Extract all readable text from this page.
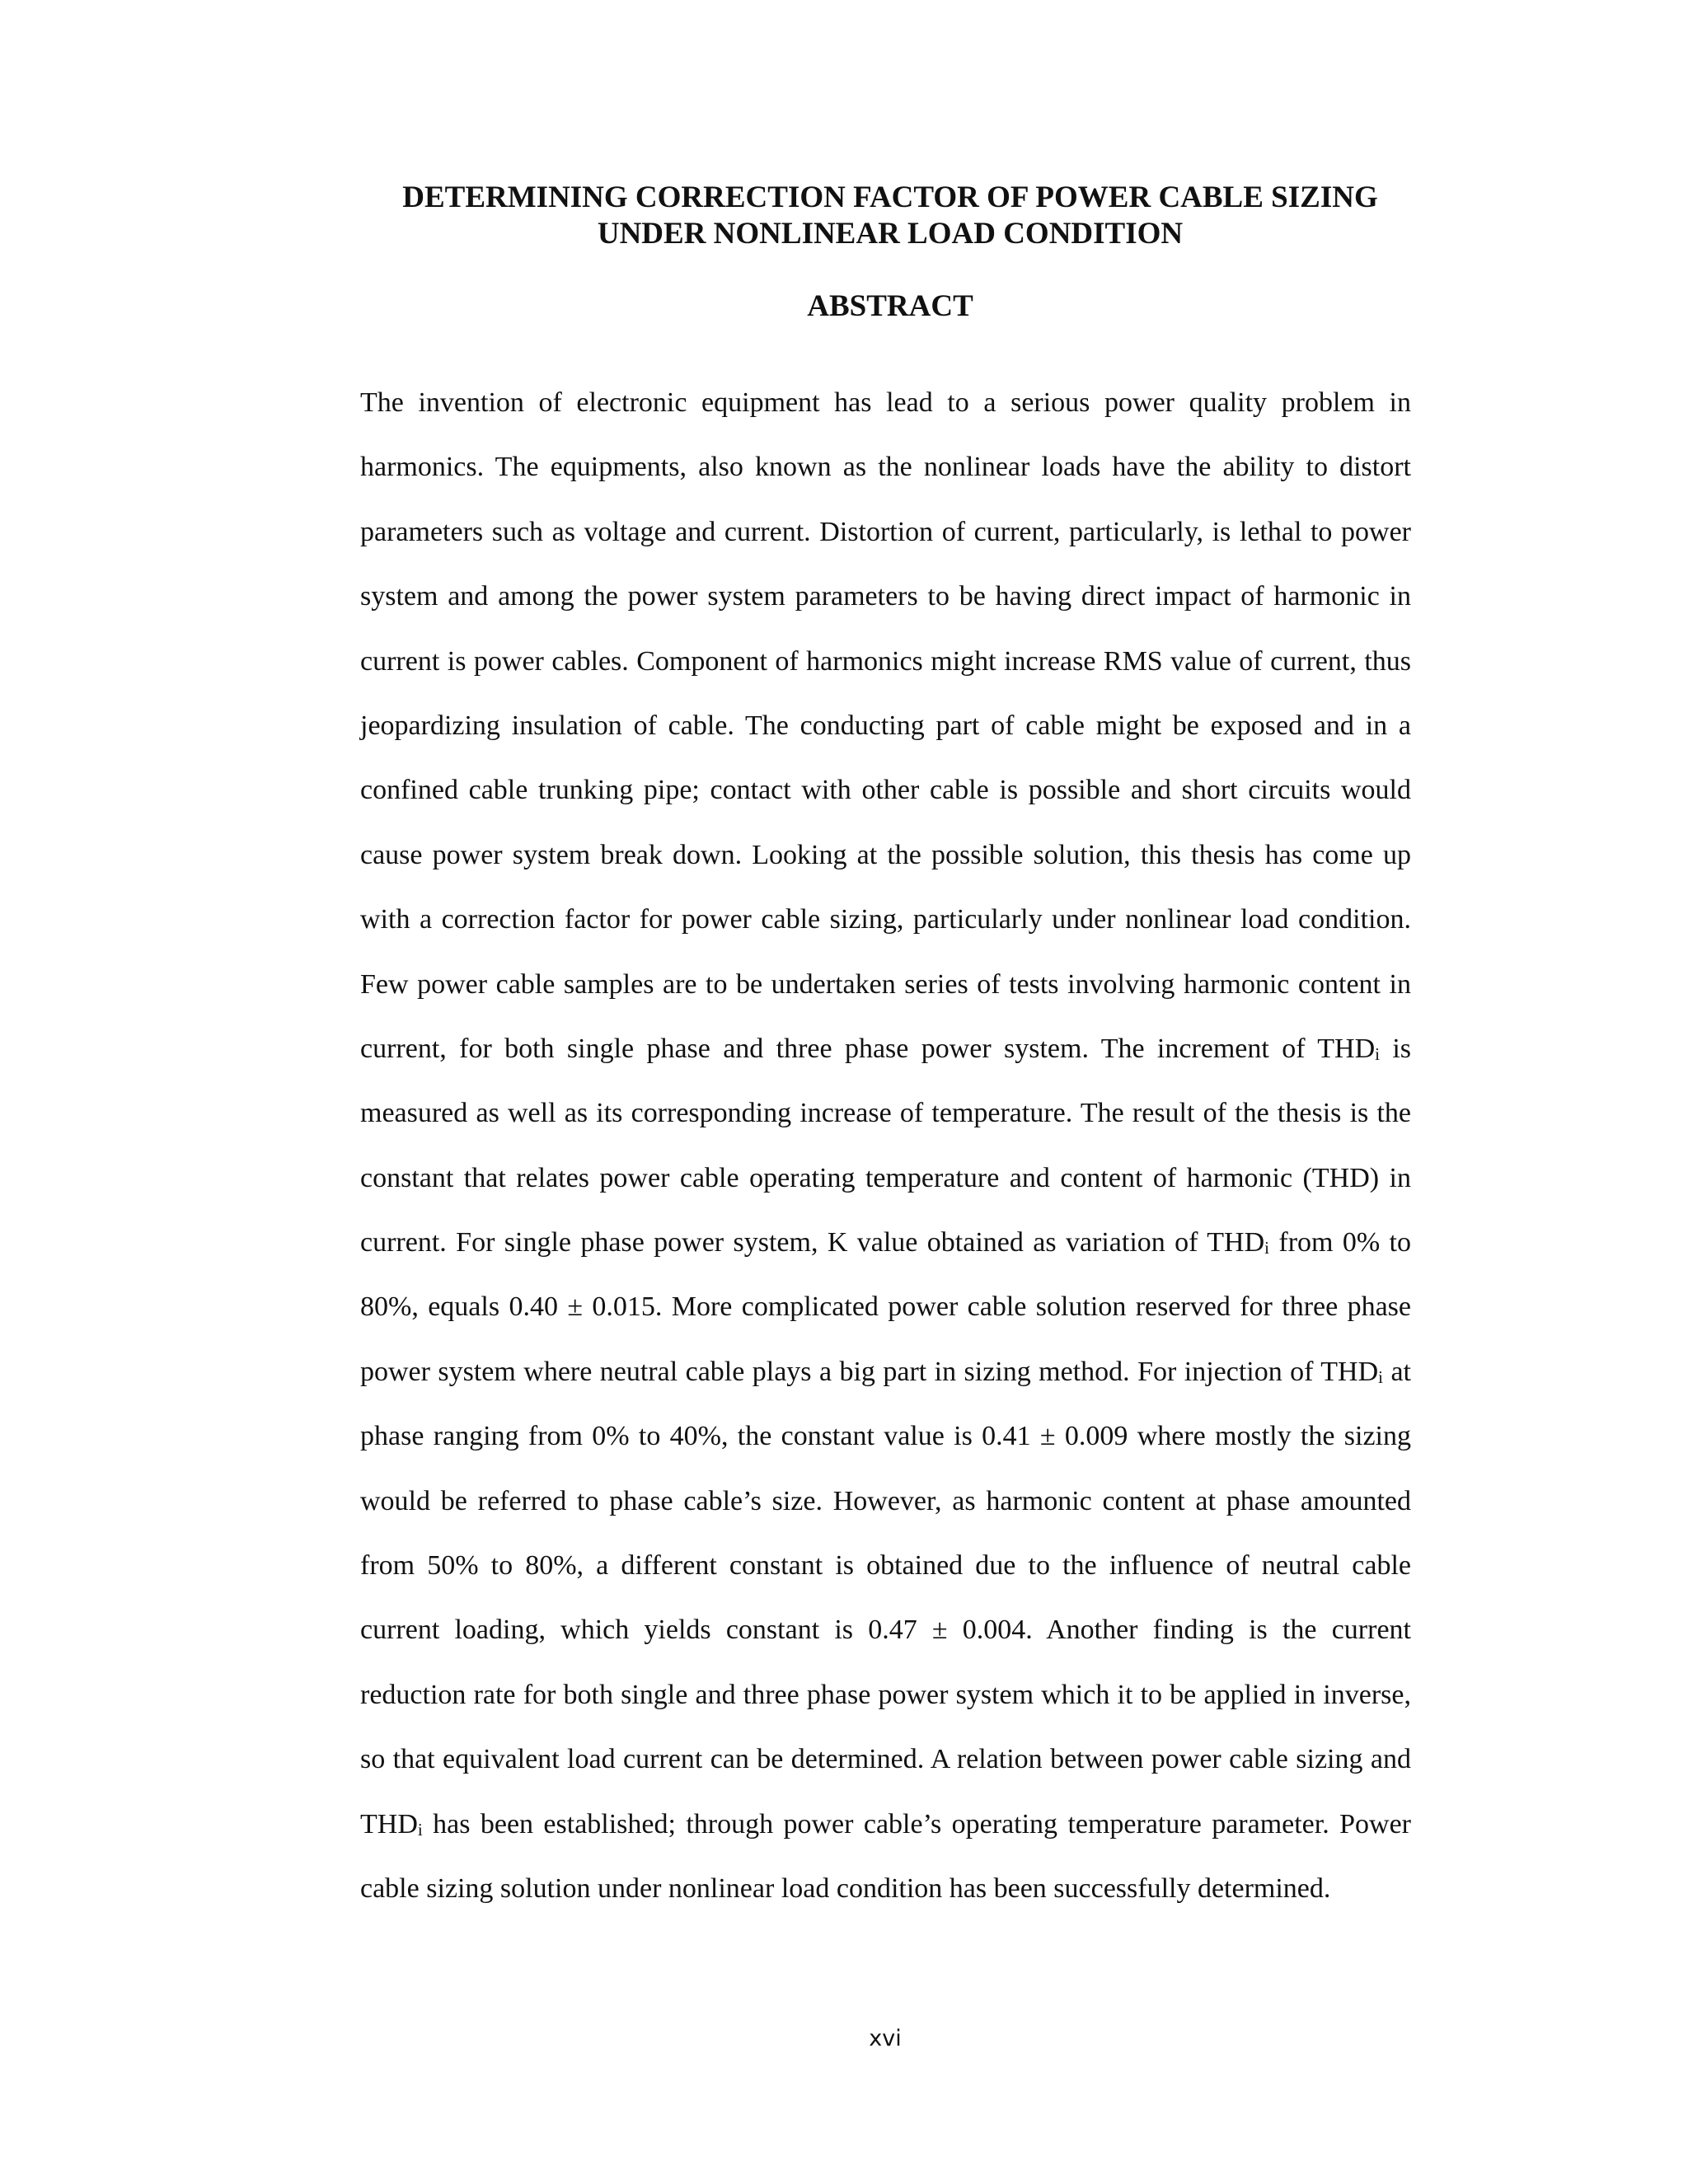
DETERMINING CORRECTION FACTOR OF POWER CABLE SIZING
UNDER NONLINEAR LOAD CONDITION
ABSTRACT
The invention of electronic equipment has lead to a serious power quality problem in
harmonics. The equipments, also known as the nonlinear loads have the ability to distort
parameters such as voltage and current. Distortion of current, particularly, is lethal to power
system and among the power system parameters to be having direct impact of harmonic in
current is power cables. Component of harmonics might increase RMS value of current, thus
jeopardizing insulation of cable. The conducting part of cable might be exposed and in a
confined cable trunking pipe; contact with other cable is possible and short circuits would
cause power system break down. Looking at the possible solution, this thesis has come up
with a correction factor for power cable sizing, particularly under nonlinear load condition.
Few power cable samples are to be undertaken series of tests involving harmonic content in
current, for both single phase and three phase power system. The increment of $THD_i$ is
measured as well as its corresponding increase of temperature. The result of the thesis is the
constant that relates power cable operating temperature and content of harmonic (THD) in
current. For single phase power system, K value obtained as variation of $THD_i$ from 0% to
80%, equals 0.40 ± 0.015. More complicated power cable solution reserved for three phase
power system where neutral cable plays a big part in sizing method. For injection of $THD_i$ at
phase ranging from 0% to 40%, the constant value is 0.41 ± 0.009 where mostly the sizing
would be referred to phase cable’s size. However, as harmonic content at phase amounted
from 50% to 80%, a different constant is obtained due to the influence of neutral cable
current loading, which yields constant is 0.47 ± 0.004. Another finding is the current
reduction rate for both single and three phase power system which it to be applied in inverse,
so that equivalent load current can be determined. A relation between power cable sizing and
$THD_i$ has been established; through power cable’s operating temperature parameter. Power
cable sizing solution under nonlinear load condition has been successfully determined.
xvi
